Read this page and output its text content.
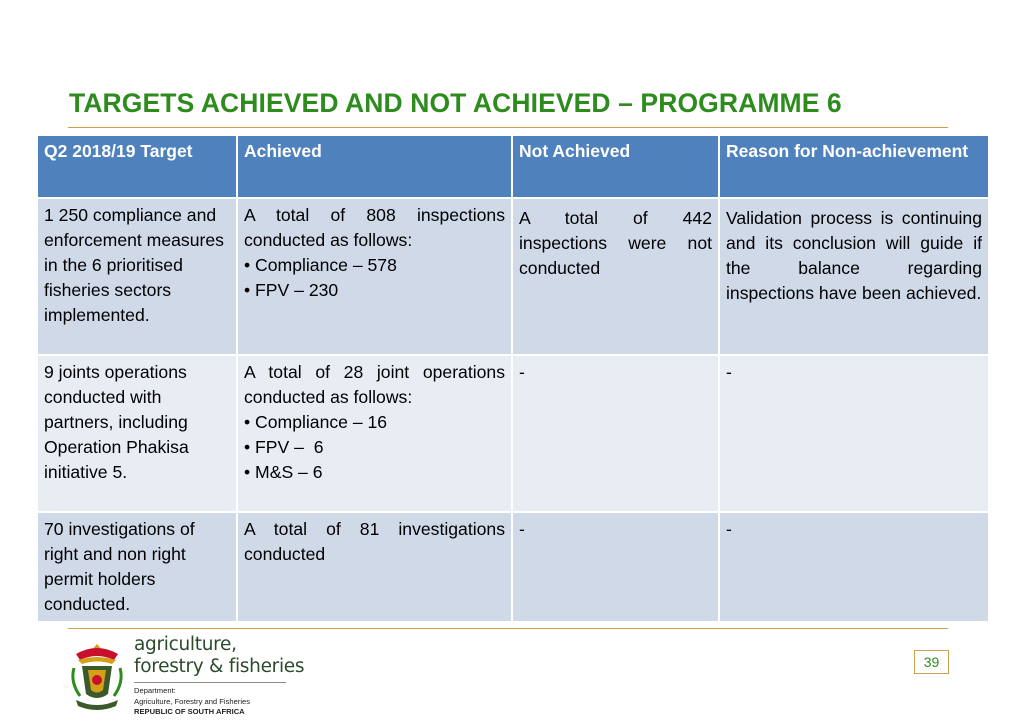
TARGETS ACHIEVED AND NOT ACHIEVED – PROGRAMME 6
Q2 2018/19 Target	Achieved	Not Achieved	Reason for Non-achievement
1 250 compliance and enforcement measures in the 6 prioritised fisheries sectors implemented.	A total of 808 inspections conducted as follows:
• Compliance – 578
• FPV – 230	A total of 442 inspections were not conducted	Validation process is continuing and its conclusion will guide if the balance regarding inspections have been achieved.
9 joints operations conducted with partners, including Operation Phakisa initiative 5.	A total of 28 joint operations conducted as follows:
• Compliance – 16
• FPV –  6
• M&S – 6	-	-
70 investigations of right and non right permit holders conducted.	A total of 81 investigations conducted	-	-
agriculture,
forestry & fisheries
Department:
Agriculture, Forestry and Fisheries
REPUBLIC OF SOUTH AFRICA
39
